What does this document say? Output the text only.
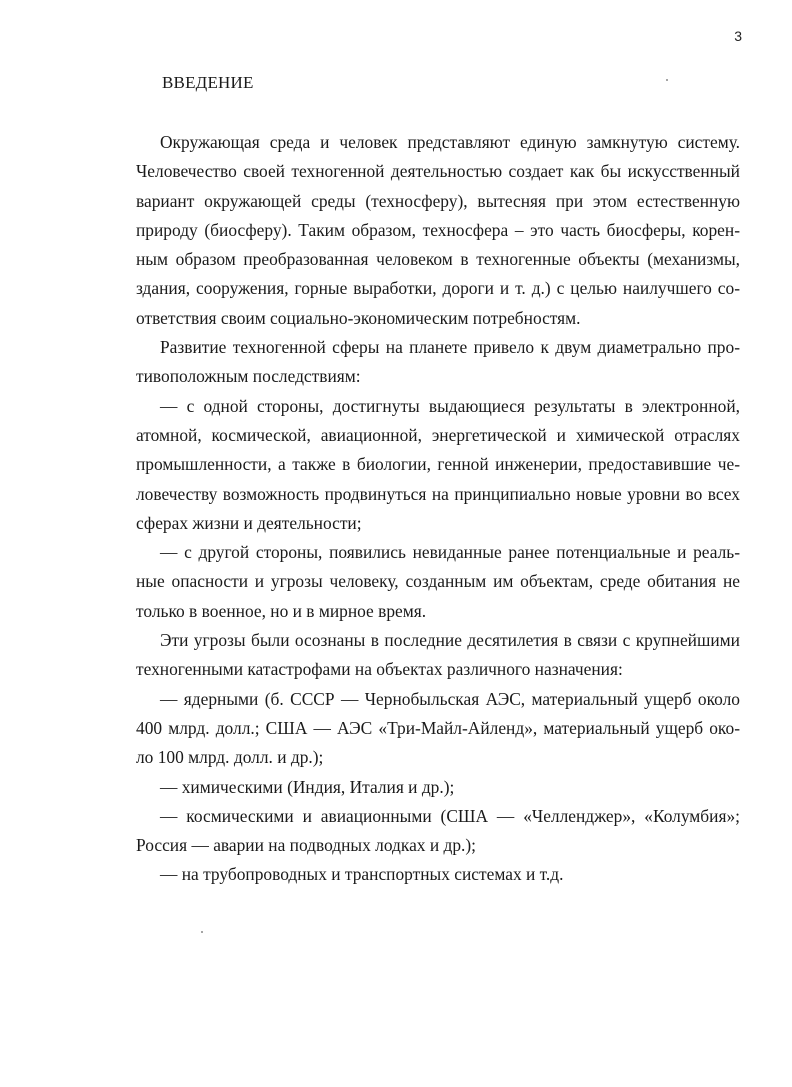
3
ВВЕДЕНИЕ
Окружающая среда и человек представляют единую замкнутую систему.
Человечество своей техногенной деятельностью создает как бы искусственный
вариант окружающей среды (техносферу), вытесняя при этом естественную
природу (биосферу). Таким образом, техносфера – это часть биосферы, корен-
ным образом преобразованная человеком в техногенные объекты (механизмы,
здания, сооружения, горные выработки, дороги и т. д.) с целью наилучшего со-
ответствия своим социально-экономическим потребностям.
Развитие техногенной сферы на планете привело к двум диаметрально про-
тивоположным последствиям:
— с одной стороны, достигнуты выдающиеся результаты в электронной,
атомной, космической, авиационной, энергетической и химической отраслях
промышленности, а также в биологии, генной инженерии, предоставившие че-
ловечеству возможность продвинуться на принципиально новые уровни во всех
сферах жизни и деятельности;
— с другой стороны, появились невиданные ранее потенциальные и реаль-
ные опасности и угрозы человеку, созданным им объектам, среде обитания не
только в военное, но и в мирное время.
Эти угрозы были осознаны в последние десятилетия в связи с крупнейшими
техногенными катастрофами на объектах различного назначения:
— ядерными (б. СССР — Чернобыльская АЭС, материальный ущерб около
400 млрд. долл.; США — АЭС «Три-Майл-Айленд», материальный ущерб око-
ло 100 млрд. долл. и др.);
— химическими (Индия, Италия и др.);
— космическими и авиационными (США — «Челленджер», «Колумбия»;
Россия — аварии на подводных лодках и др.);
— на трубопроводных и транспортных системах и т.д.
